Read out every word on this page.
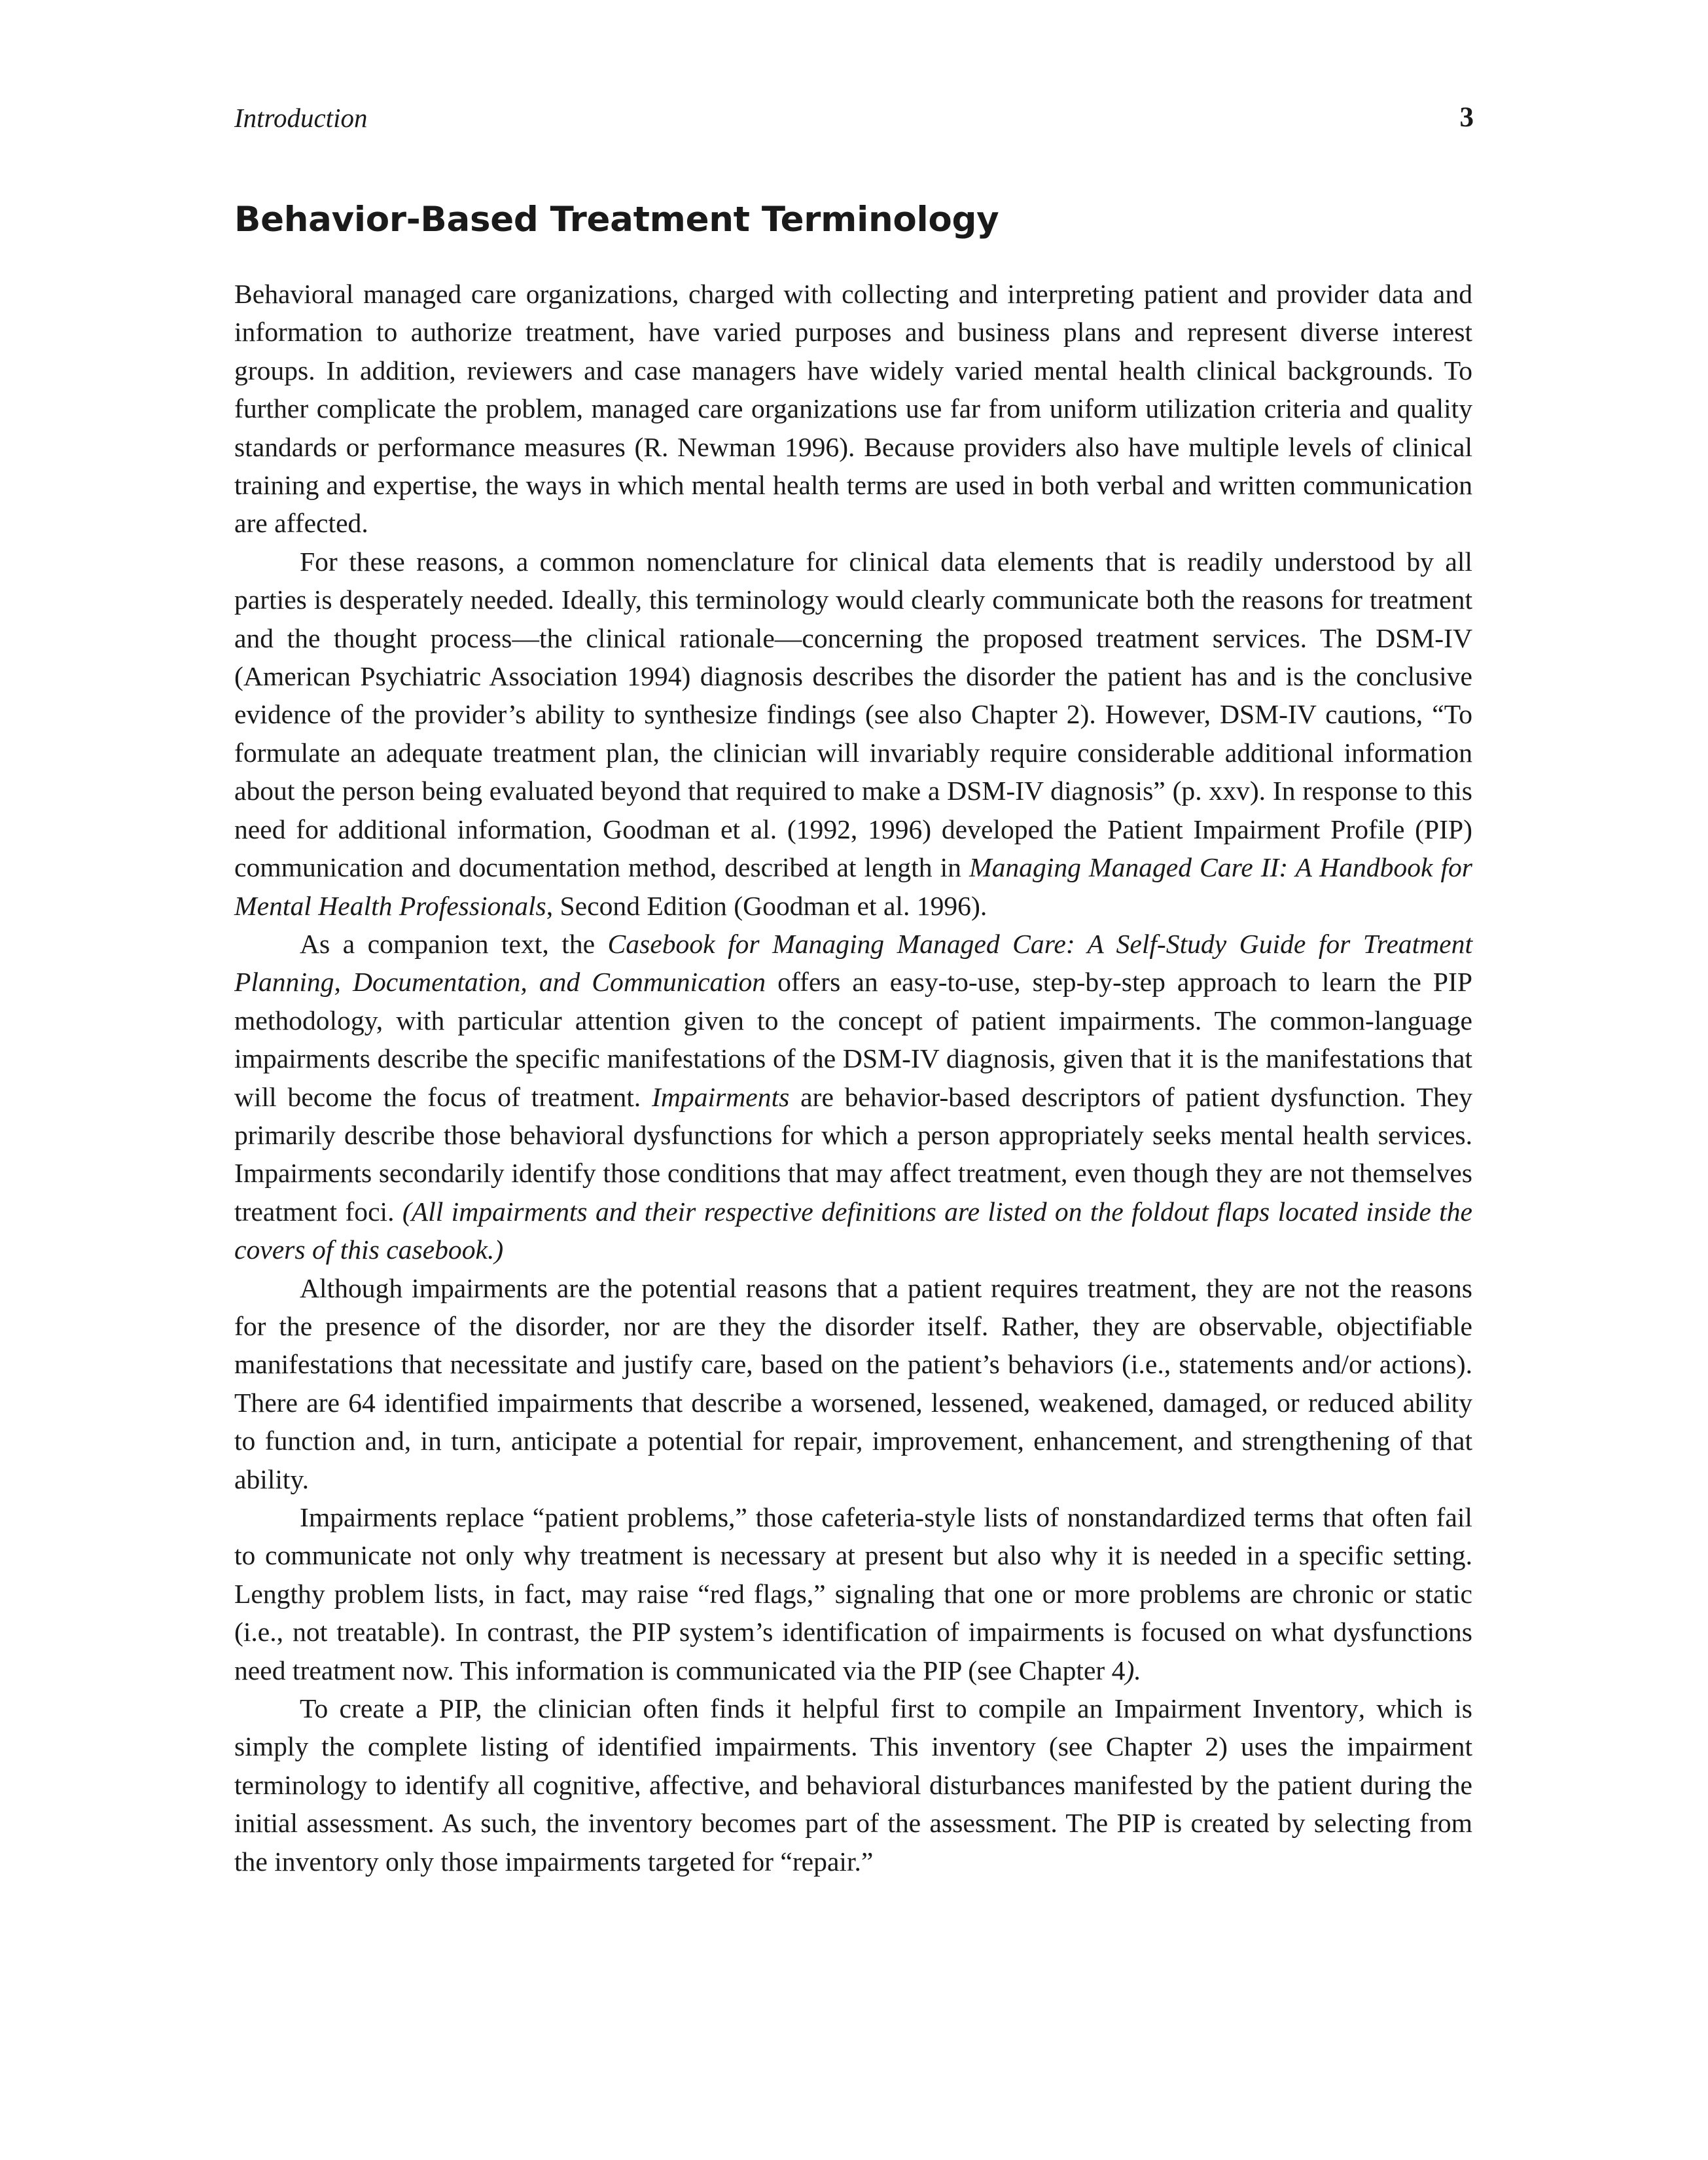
Introduction	3
Behavior-Based Treatment Terminology

Behavioral managed care organizations, charged with collecting and interpreting patient and provider data and information to authorize treatment, have varied purposes and business plans and represent diverse interest groups. In addition, reviewers and case managers have widely varied mental health clinical backgrounds. To further complicate the problem, managed care organizations use far from uniform utilization criteria and quality standards or performance measures (R. Newman 1996). Because providers also have multiple levels of clinical training and expertise, the ways in which mental health terms are used in both verbal and written communication are affected.

For these reasons, a common nomenclature for clinical data elements that is readily understood by all parties is desperately needed. Ideally, this terminology would clearly communicate both the reasons for treatment and the thought process—the clinical rationale—concerning the proposed treatment services. The DSM-IV (American Psychiatric Association 1994) diagnosis describes the disorder the patient has and is the conclusive evidence of the provider’s ability to synthesize findings (see also Chapter 2). However, DSM-IV cautions, “To formulate an adequate treatment plan, the clinician will invariably require considerable additional information about the person being evaluated beyond that required to make a DSM-IV diagnosis” (p. xxv). In response to this need for additional information, Goodman et al. (1992, 1996) developed the Patient Impairment Profile (PIP) communication and documentation method, described at length in Managing Managed Care II: A Handbook for Mental Health Professionals, Second Edition (Goodman et al. 1996).

As a companion text, the Casebook for Managing Managed Care: A Self-Study Guide for Treatment Planning, Documentation, and Communication offers an easy-to-use, step-by-step approach to learn the PIP methodology, with particular attention given to the concept of patient impairments. The common-language impairments describe the specific manifestations of the DSM-IV diagnosis, given that it is the manifestations that will become the focus of treatment. Impairments are behavior-based descriptors of patient dysfunction. They primarily describe those behavioral dysfunctions for which a person appropriately seeks mental health services. Impairments secondarily identify those conditions that may affect treatment, even though they are not themselves treatment foci. (All impairments and their respective definitions are listed on the foldout flaps located inside the covers of this casebook.)

Although impairments are the potential reasons that a patient requires treatment, they are not the reasons for the presence of the disorder, nor are they the disorder itself. Rather, they are observable, objectifiable manifestations that necessitate and justify care, based on the patient’s behaviors (i.e., statements and/or actions). There are 64 identified impairments that describe a worsened, lessened, weakened, damaged, or reduced ability to function and, in turn, anticipate a potential for repair, improvement, enhancement, and strengthening of that ability.

Impairments replace “patient problems,” those cafeteria-style lists of nonstandardized terms that often fail to communicate not only why treatment is necessary at present but also why it is needed in a specific setting. Lengthy problem lists, in fact, may raise “red flags,” signaling that one or more problems are chronic or static (i.e., not treatable). In contrast, the PIP system’s identification of impairments is focused on what dysfunctions need treatment now. This information is communicated via the PIP (see Chapter 4).

To create a PIP, the clinician often finds it helpful first to compile an Impairment Inventory, which is simply the complete listing of identified impairments. This inventory (see Chapter 2) uses the impairment terminology to identify all cognitive, affective, and behavioral disturbances manifested by the patient during the initial assessment. As such, the inventory becomes part of the assessment. The PIP is created by selecting from the inventory only those impairments targeted for “repair.”
